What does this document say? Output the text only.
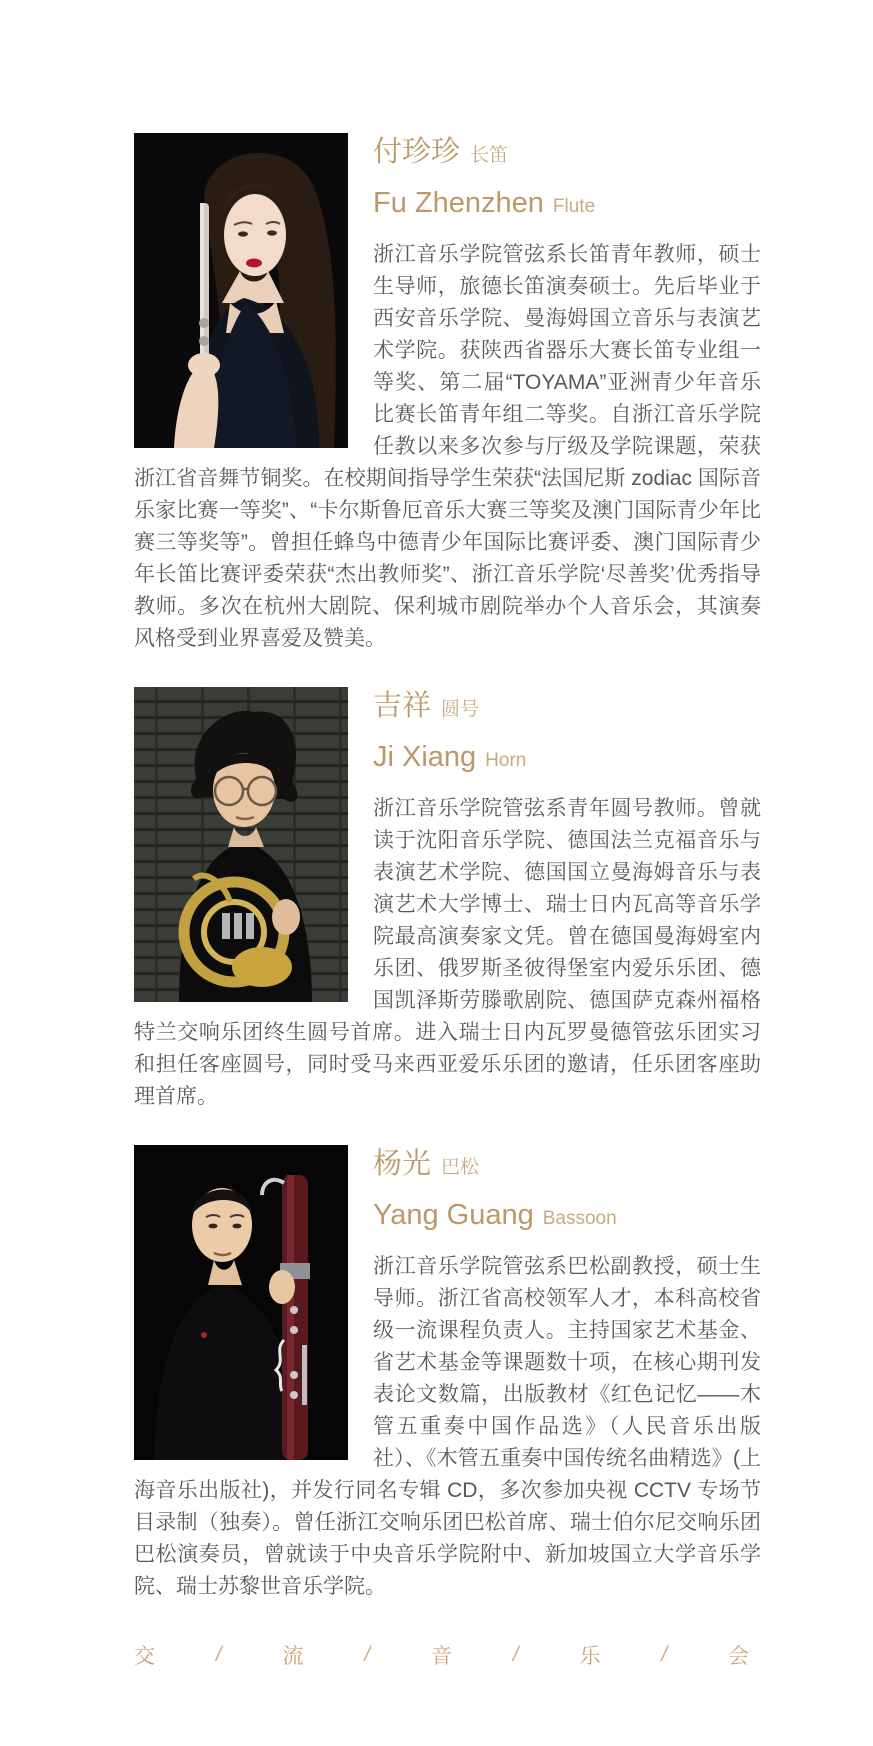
付珍珍 长笛
Fu Zhenzhen Flute

浙江音乐学院管弦系长笛青年教师，硕士生导师，旅德长笛演奏硕士。先后毕业于西安音乐学院、曼海姆国立音乐与表演艺术学院。获陕西省器乐大赛长笛专业组一等奖、第二届“TOYAMA”亚洲青少年音乐比赛长笛青年组二等奖。自浙江音乐学院任教以来多次参与厅级及学院课题，荣获浙江省音舞节铜奖。在校期间指导学生荣获“法国尼斯 zodiac 国际音乐家比赛一等奖”、“卡尔斯鲁厄音乐大赛三等奖及澳门国际青少年比赛三等奖等”。曾担任蜂鸟中德青少年国际比赛评委、澳门国际青少年长笛比赛评委荣获“杰出教师奖”、浙江音乐学院‘尽善奖’优秀指导教师。多次在杭州大剧院、保利城市剧院举办个人音乐会，其演奏风格受到业界喜爱及赞美。

吉祥 圆号
Ji Xiang Horn

浙江音乐学院管弦系青年圆号教师。曾就读于沈阳音乐学院、德国法兰克福音乐与表演艺术学院、德国国立曼海姆音乐与表演艺术大学博士、瑞士日内瓦高等音乐学院最高演奏家文凭。曾在德国曼海姆室内乐团、俄罗斯圣彼得堡室内爱乐乐团、德国凯泽斯劳滕歌剧院、德国萨克森州福格特兰交响乐团终生圆号首席。进入瑞士日内瓦罗曼德管弦乐团实习和担任客座圆号，同时受马来西亚爱乐乐团的邀请，任乐团客座助理首席。

杨光 巴松
Yang Guang Bassoon

浙江音乐学院管弦系巴松副教授，硕士生导师。浙江省高校领军人才，本科高校省级一流课程负责人。主持国家艺术基金、省艺术基金等课题数十项，在核心期刊发表论文数篇，出版教材《红色记忆——木管五重奏中国作品选》（人民音乐出版社）、《木管五重奏中国传统名曲精选》(上海音乐出版社)，并发行同名专辑 CD，多次参加央视 CCTV 专场节目录制（独奏）。曾任浙江交响乐团巴松首席、瑞士伯尔尼交响乐团巴松演奏员，曾就读于中央音乐学院附中、新加坡国立大学音乐学院、瑞士苏黎世音乐学院。

交	/	流	/	音	/	乐	/	会
